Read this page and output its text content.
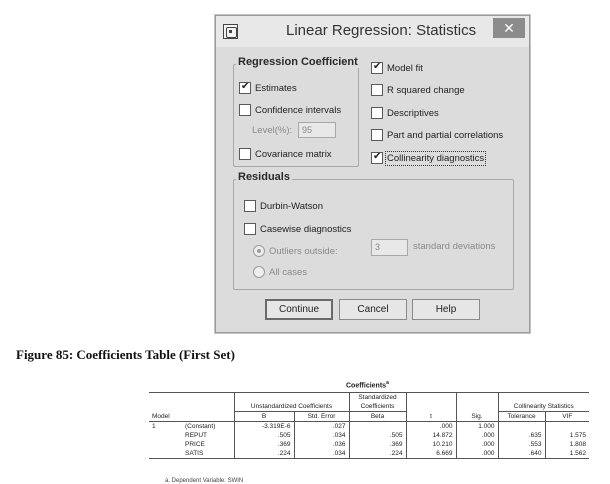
Linear Regression: Statistics	✕
Regression Coefficient
✔
Estimates
Confidence intervals
Level(%):	95
Covariance matrix
✔
Model fit
R squared change
Descriptives
Part and partial correlations
✔
Collinearity diagnostics
Residuals
Durbin-Watson
Casewise diagnostics
Outliers outside:	3	standard deviations
All cases
Continue	Cancel	Help
Figure 85: Coefficients Table (First Set)
Coefficients$^a$
				Standardized				
		Unstandardized Coefficients		Coefficients			Collinearity Statistics	
Model		B	Std. Error	Beta	t	Sig.	Tolerance	VIF
1	(Constant)	-3.319E-6	.027		.000	1.000		
	REPUT	.505	.034	.505	14.872	.000	.635	1.575
	PRICE	.369	.036	.369	10.210	.000	.553	1.808
	SATIS	.224	.034	.224	6.669	.000	.640	1.562
a. Dependent Variable: SWIN
